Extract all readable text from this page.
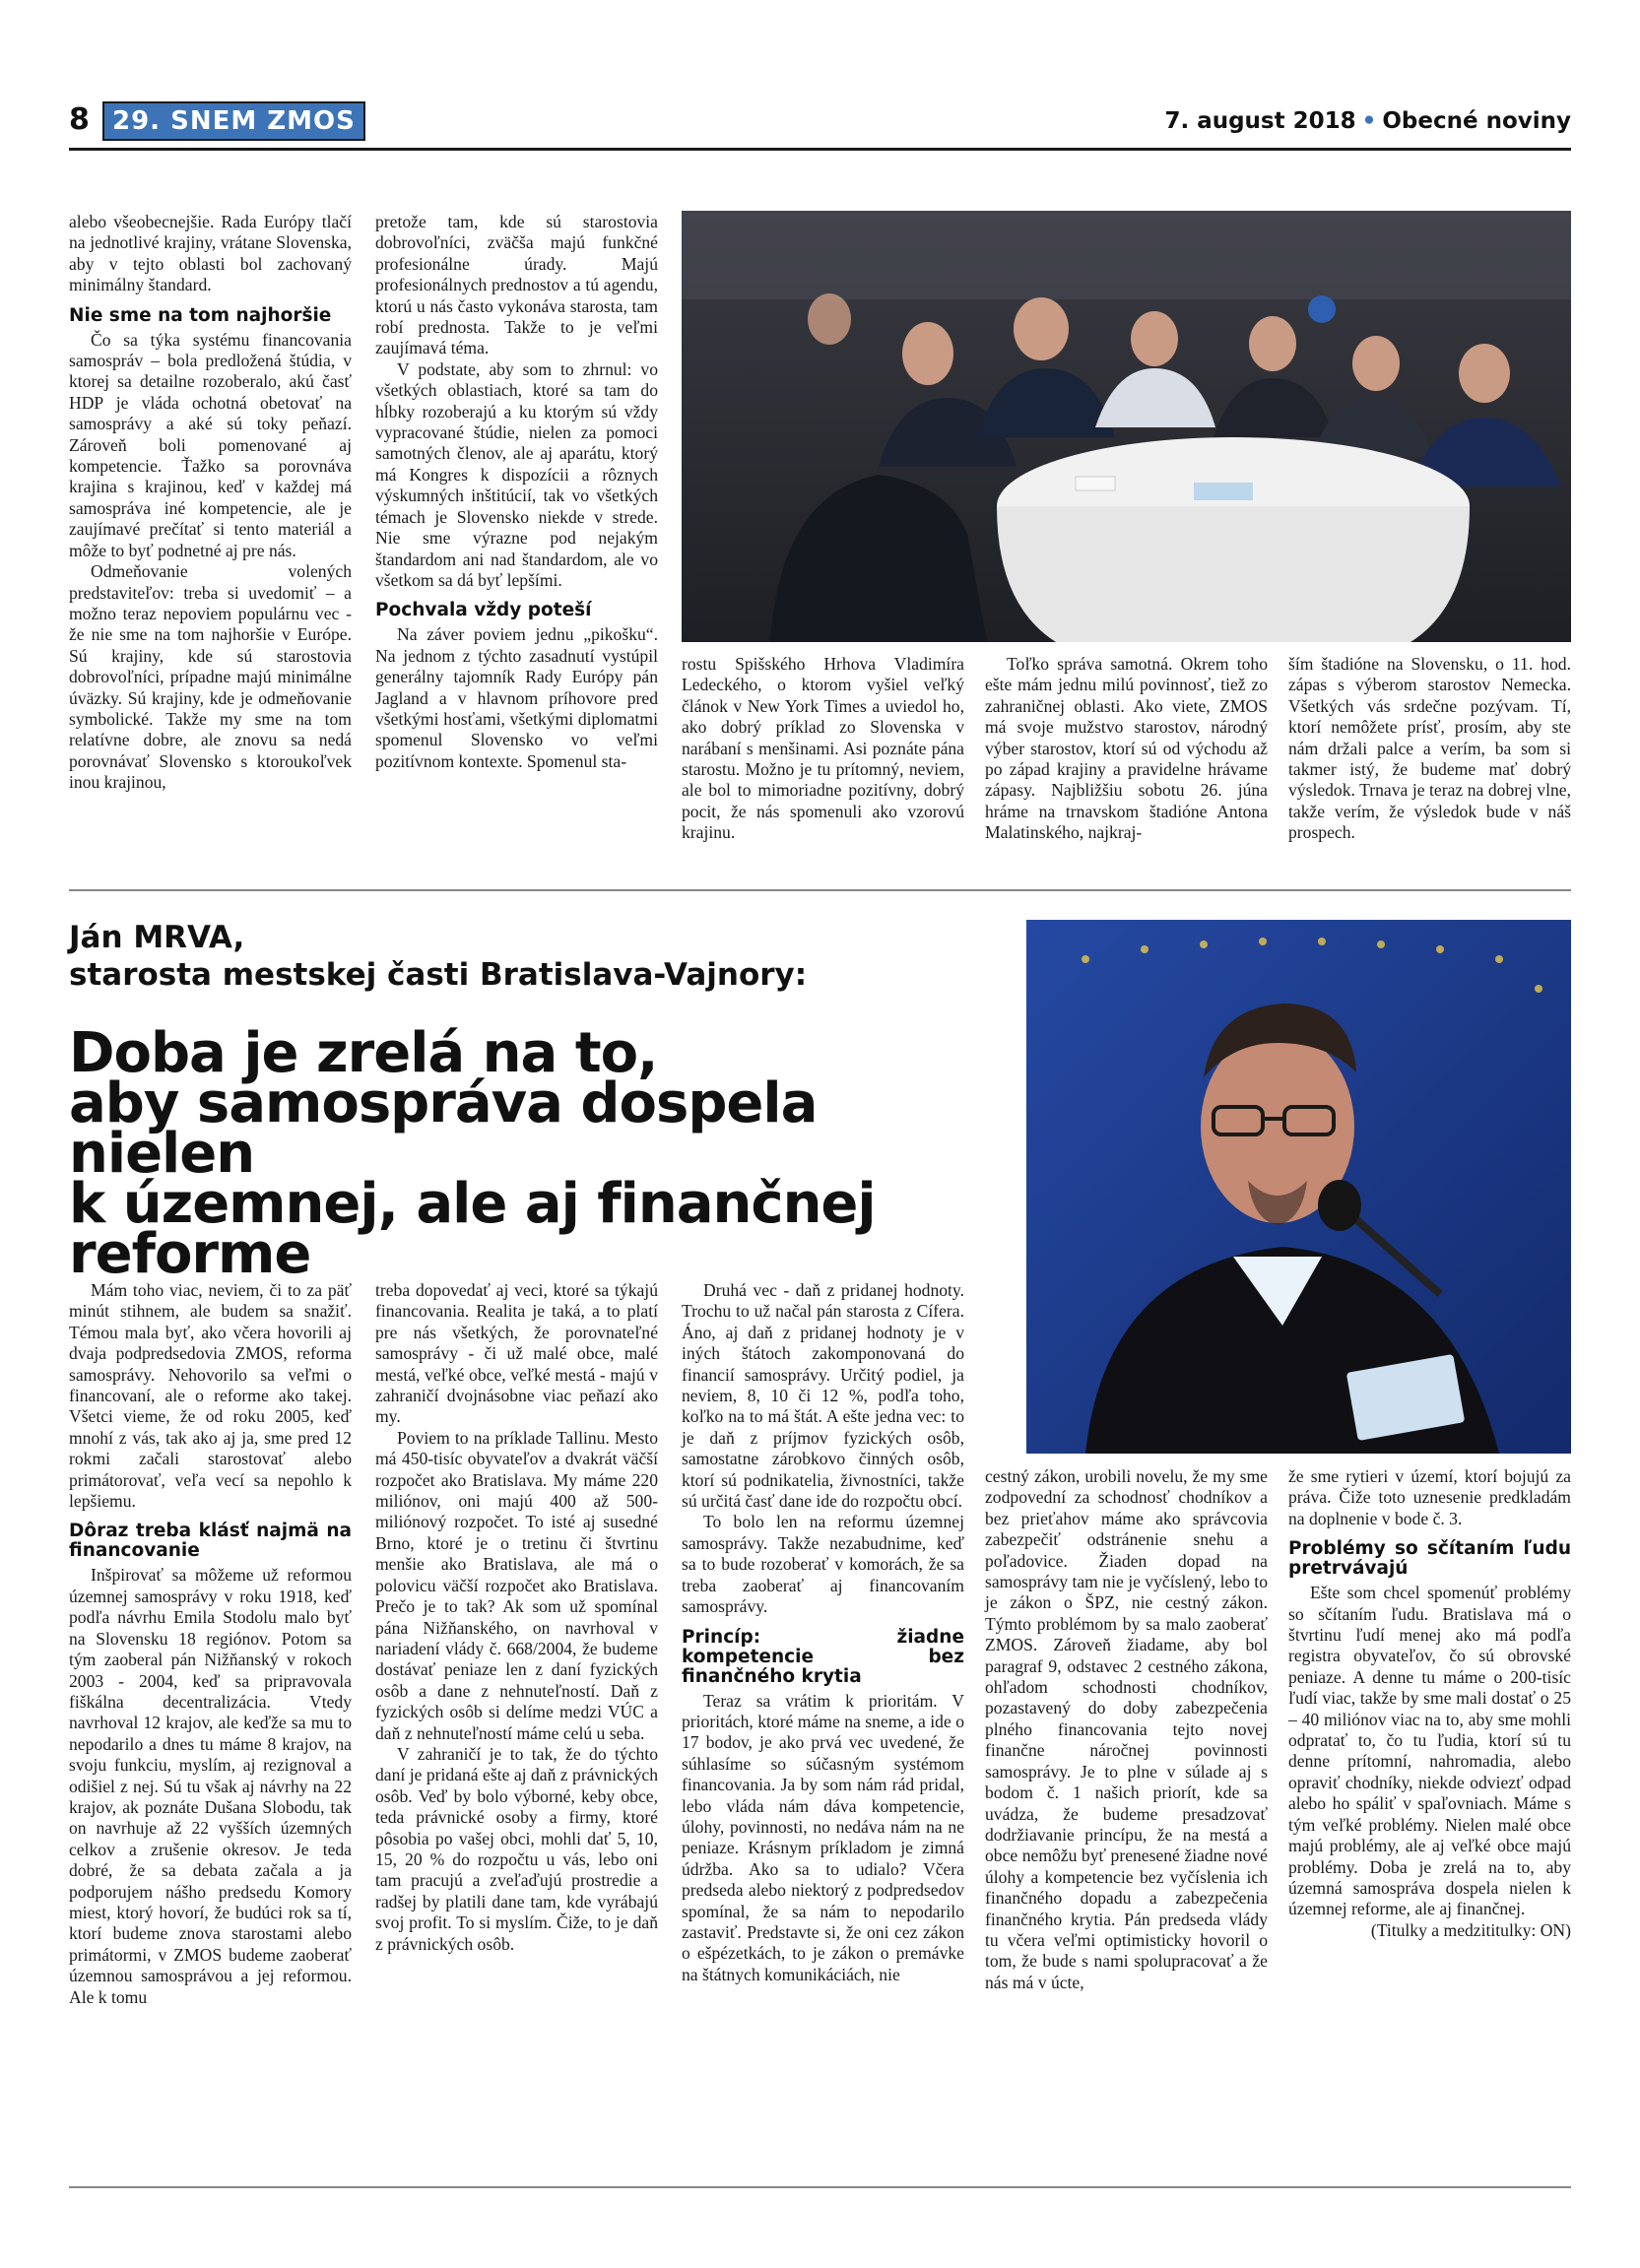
8 29. SNEM ZMOS	7. august 2018 • Obecné noviny

alebo všeobecnejšie. Rada Európy tlačí na jednotlivé krajiny, vrátane Slovenska, aby v tejto oblasti bol zachovaný minimálny štandard.

Nie sme na tom najhoršie

Čo sa týka systému financovania samospráv – bola predložená štúdia, v ktorej sa detailne rozoberalo, akú časť HDP je vláda ochotná obetovať na samosprávy a aké sú toky peňazí. Zároveň boli pomenované aj kompetencie. Ťažko sa porovnáva krajina s krajinou, keď v každej má samospráva iné kompetencie, ale je zaujímavé prečítať si tento materiál a môže to byť podnetné aj pre nás.

Odmeňovanie volených predstaviteľov: treba si uvedomiť – a možno teraz nepoviem populárnu vec - že nie sme na tom najhoršie v Európe. Sú krajiny, kde sú starostovia dobrovoľníci, prípadne majú minimálne úväzky. Sú krajiny, kde je odmeňovanie symbolické. Takže my sme na tom relatívne dobre, ale znovu sa nedá porovnávať Slovensko s ktoroukoľvek inou krajinou,

pretože tam, kde sú starostovia dobrovoľníci, zväčša majú funkčné profesionálne úrady. Majú profesionálnych prednostov a tú agendu, ktorú u nás často vykonáva starosta, tam robí prednosta. Takže to je veľmi zaujímavá téma.

V podstate, aby som to zhrnul: vo všetkých oblastiach, ktoré sa tam do hĺbky rozoberajú a ku ktorým sú vždy vypracované štúdie, nielen za pomoci samotných členov, ale aj aparátu, ktorý má Kongres k dispozícii a rôznych výskumných inštitúcií, tak vo všetkých témach je Slovensko niekde v strede. Nie sme výrazne pod nejakým štandardom ani nad štandardom, ale vo všetkom sa dá byť lepšími.

Pochvala vždy poteší

Na záver poviem jednu „pikošku“. Na jednom z týchto zasadnutí vystúpil generálny tajomník Rady Európy pán Jagland a v hlavnom príhovore pred všetkými hosťami, všetkými diplomatmi spomenul Slovensko vo veľmi pozitívnom kontexte. Spomenul sta-

rostu Spišského Hrhova Vladimíra Ledeckého, o ktorom vyšiel veľký článok v New York Times a uviedol ho, ako dobrý príklad zo Slovenska v narábaní s menšinami. Asi poznáte pána starostu. Možno je tu prítomný, neviem, ale bol to mimoriadne pozitívny, dobrý pocit, že nás spomenuli ako vzorovú krajinu.

Toľko správa samotná. Okrem toho ešte mám jednu milú povinnosť, tiež zo zahraničnej oblasti. Ako viete, ZMOS má svoje mužstvo starostov, národný výber starostov, ktorí sú od východu až po západ krajiny a pravidelne hrávame zápasy. Najbližšiu sobotu 26. júna hráme na trnavskom štadióne Antona Malatinského, najkraj-

ším štadióne na Slovensku, o 11. hod. zápas s výberom starostov Nemecka. Všetkých vás srdečne pozývam. Tí, ktorí nemôžete prísť, prosím, aby ste nám držali palce a verím, ba som si takmer istý, že budeme mať dobrý výsledok. Trnava je teraz na dobrej vlne, takže verím, že výsledok bude v náš prospech.

Ján MRVA,
starosta mestskej časti Bratislava-Vajnory:
Doba je zrelá na to,
aby samospráva dospela nielen
k územnej, ale aj finančnej
reforme

Mám toho viac, neviem, či to za päť minút stihnem, ale budem sa snažiť. Témou mala byť, ako včera hovorili aj dvaja podpredsedovia ZMOS, reforma samosprávy. Nehovorilo sa veľmi o financovaní, ale o reforme ako takej. Všetci vieme, že od roku 2005, keď mnohí z vás, tak ako aj ja, sme pred 12 rokmi začali starostovať alebo primátorovať, veľa vecí sa nepohlo k lepšiemu.

Dôraz treba klásť najmä na financovanie

Inšpirovať sa môžeme už reformou územnej samosprávy v roku 1918, keď podľa návrhu Emila Stodolu malo byť na Slovensku 18 regiónov. Potom sa tým zaoberal pán Nižňanský v rokoch 2003 - 2004, keď sa pripravovala fiškálna decentralizácia. Vtedy navrhoval 12 krajov, ale keďže sa mu to nepodarilo a dnes tu máme 8 krajov, na svoju funkciu, myslím, aj rezignoval a odišiel z nej. Sú tu však aj návrhy na 22 krajov, ak poznáte Dušana Slobodu, tak on navrhuje až 22 vyšších územných celkov a zrušenie okresov. Je teda dobré, že sa debata začala a ja podporujem nášho predsedu Komory miest, ktorý hovorí, že budúci rok sa tí, ktorí budeme znova starostami alebo primátormi, v ZMOS budeme zaoberať územnou samosprávou a jej reformou. Ale k tomu

treba dopovedať aj veci, ktoré sa týkajú financovania. Realita je taká, a to platí pre nás všetkých, že porovnateľné samosprávy - či už malé obce, malé mestá, veľké obce, veľké mestá - majú v zahraničí dvojnásobne viac peňazí ako my.

Poviem to na príklade Tallinu. Mesto má 450-tisíc obyvateľov a dvakrát väčší rozpočet ako Bratislava. My máme 220 miliónov, oni majú 400 až 500-miliónový rozpočet. To isté aj susedné Brno, ktoré je o tretinu či štvrtinu menšie ako Bratislava, ale má o polovicu väčší rozpočet ako Bratislava. Prečo je to tak? Ak som už spomínal pána Nižňanského, on navrhoval v nariadení vlády č. 668/2004, že budeme dostávať peniaze len z daní fyzických osôb a dane z nehnuteľností. Daň z fyzických osôb si delíme medzi VÚC a daň z nehnuteľností máme celú u seba.

V zahraničí je to tak, že do týchto daní je pridaná ešte aj daň z právnických osôb. Veď by bolo výborné, keby obce, teda právnické osoby a firmy, ktoré pôsobia po vašej obci, mohli dať 5, 10, 15, 20 % do rozpočtu u vás, lebo oni tam pracujú a zveľaďujú prostredie a radšej by platili dane tam, kde vyrábajú svoj profit. To si myslím. Čiže, to je daň z právnických osôb.

Druhá vec - daň z pridanej hodnoty. Trochu to už načal pán starosta z Cífera. Áno, aj daň z pridanej hodnoty je v iných štátoch zakomponovaná do financií samosprávy. Určitý podiel, ja neviem, 8, 10 či 12 %, podľa toho, koľko na to má štát. A ešte jedna vec: to je daň z príjmov fyzických osôb, samostatne zárobkovo činných osôb, ktorí sú podnikatelia, živnostníci, takže sú určitá časť dane ide do rozpočtu obcí.

To bolo len na reformu územnej samosprávy. Takže nezabudnime, keď sa to bude rozoberať v komorách, že sa treba zaoberať aj financovaním samosprávy.

Princíp: žiadne kompetencie bez finančného krytia

Teraz sa vrátim k prioritám. V prioritách, ktoré máme na sneme, a ide o 17 bodov, je ako prvá vec uvedené, že súhlasíme so súčasným systémom financovania. Ja by som nám rád pridal, lebo vláda nám dáva kompetencie, úlohy, povinnosti, no nedáva nám na ne peniaze. Krásnym príkladom je zimná údržba. Ako sa to udialo? Včera predseda alebo niektorý z podpredsedov spomínal, že sa nám to nepodarilo zastaviť. Predstavte si, že oni cez zákon o ešpézetkách, to je zákon o premávke na štátnych komunikáciách, nie

cestný zákon, urobili novelu, že my sme zodpovední za schodnosť chodníkov a bez prieťahov máme ako správcovia zabezpečiť odstránenie snehu a poľadovice. Žiaden dopad na samosprávy tam nie je vyčíslený, lebo to je zákon o ŠPZ, nie cestný zákon. Týmto problémom by sa malo zaoberať ZMOS. Zároveň žiadame, aby bol paragraf 9, odstavec 2 cestného zákona, ohľadom schodnosti chodníkov, pozastavený do doby zabezpečenia plného financovania tejto novej finančne náročnej povinnosti samosprávy. Je to plne v súlade aj s bodom č. 1 našich priorít, kde sa uvádza, že budeme presadzovať dodržiavanie princípu, že na mestá a obce nemôžu byť prenesené žiadne nové úlohy a kompetencie bez vyčíslenia ich finančného dopadu a zabezpečenia finančného krytia. Pán predseda vlády tu včera veľmi optimisticky hovoril o tom, že bude s nami spolupracovať a že nás má v úcte,

že sme rytieri v území, ktorí bojujú za práva. Čiže toto uznesenie predkladám na doplnenie v bode č. 3.

Problémy so sčítaním ľudu pretrvávajú

Ešte som chcel spomenúť problémy so sčítaním ľudu. Bratislava má o štvrtinu ľudí menej ako má podľa registra obyvateľov, čo sú obrovské peniaze. A denne tu máme o 200-tisíc ľudí viac, takže by sme mali dostať o 25 – 40 miliónov viac na to, aby sme mohli odpratať to, čo tu ľudia, ktorí sú tu denne prítomní, nahromadia, alebo opraviť chodníky, niekde odviezť odpad alebo ho spáliť v spaľovniach. Máme s tým veľké problémy. Nielen malé obce majú problémy, ale aj veľké obce majú problémy. Doba je zrelá na to, aby územná samospráva dospela nielen k územnej reforme, ale aj finančnej.

(Titulky a medzititulky: ON)
